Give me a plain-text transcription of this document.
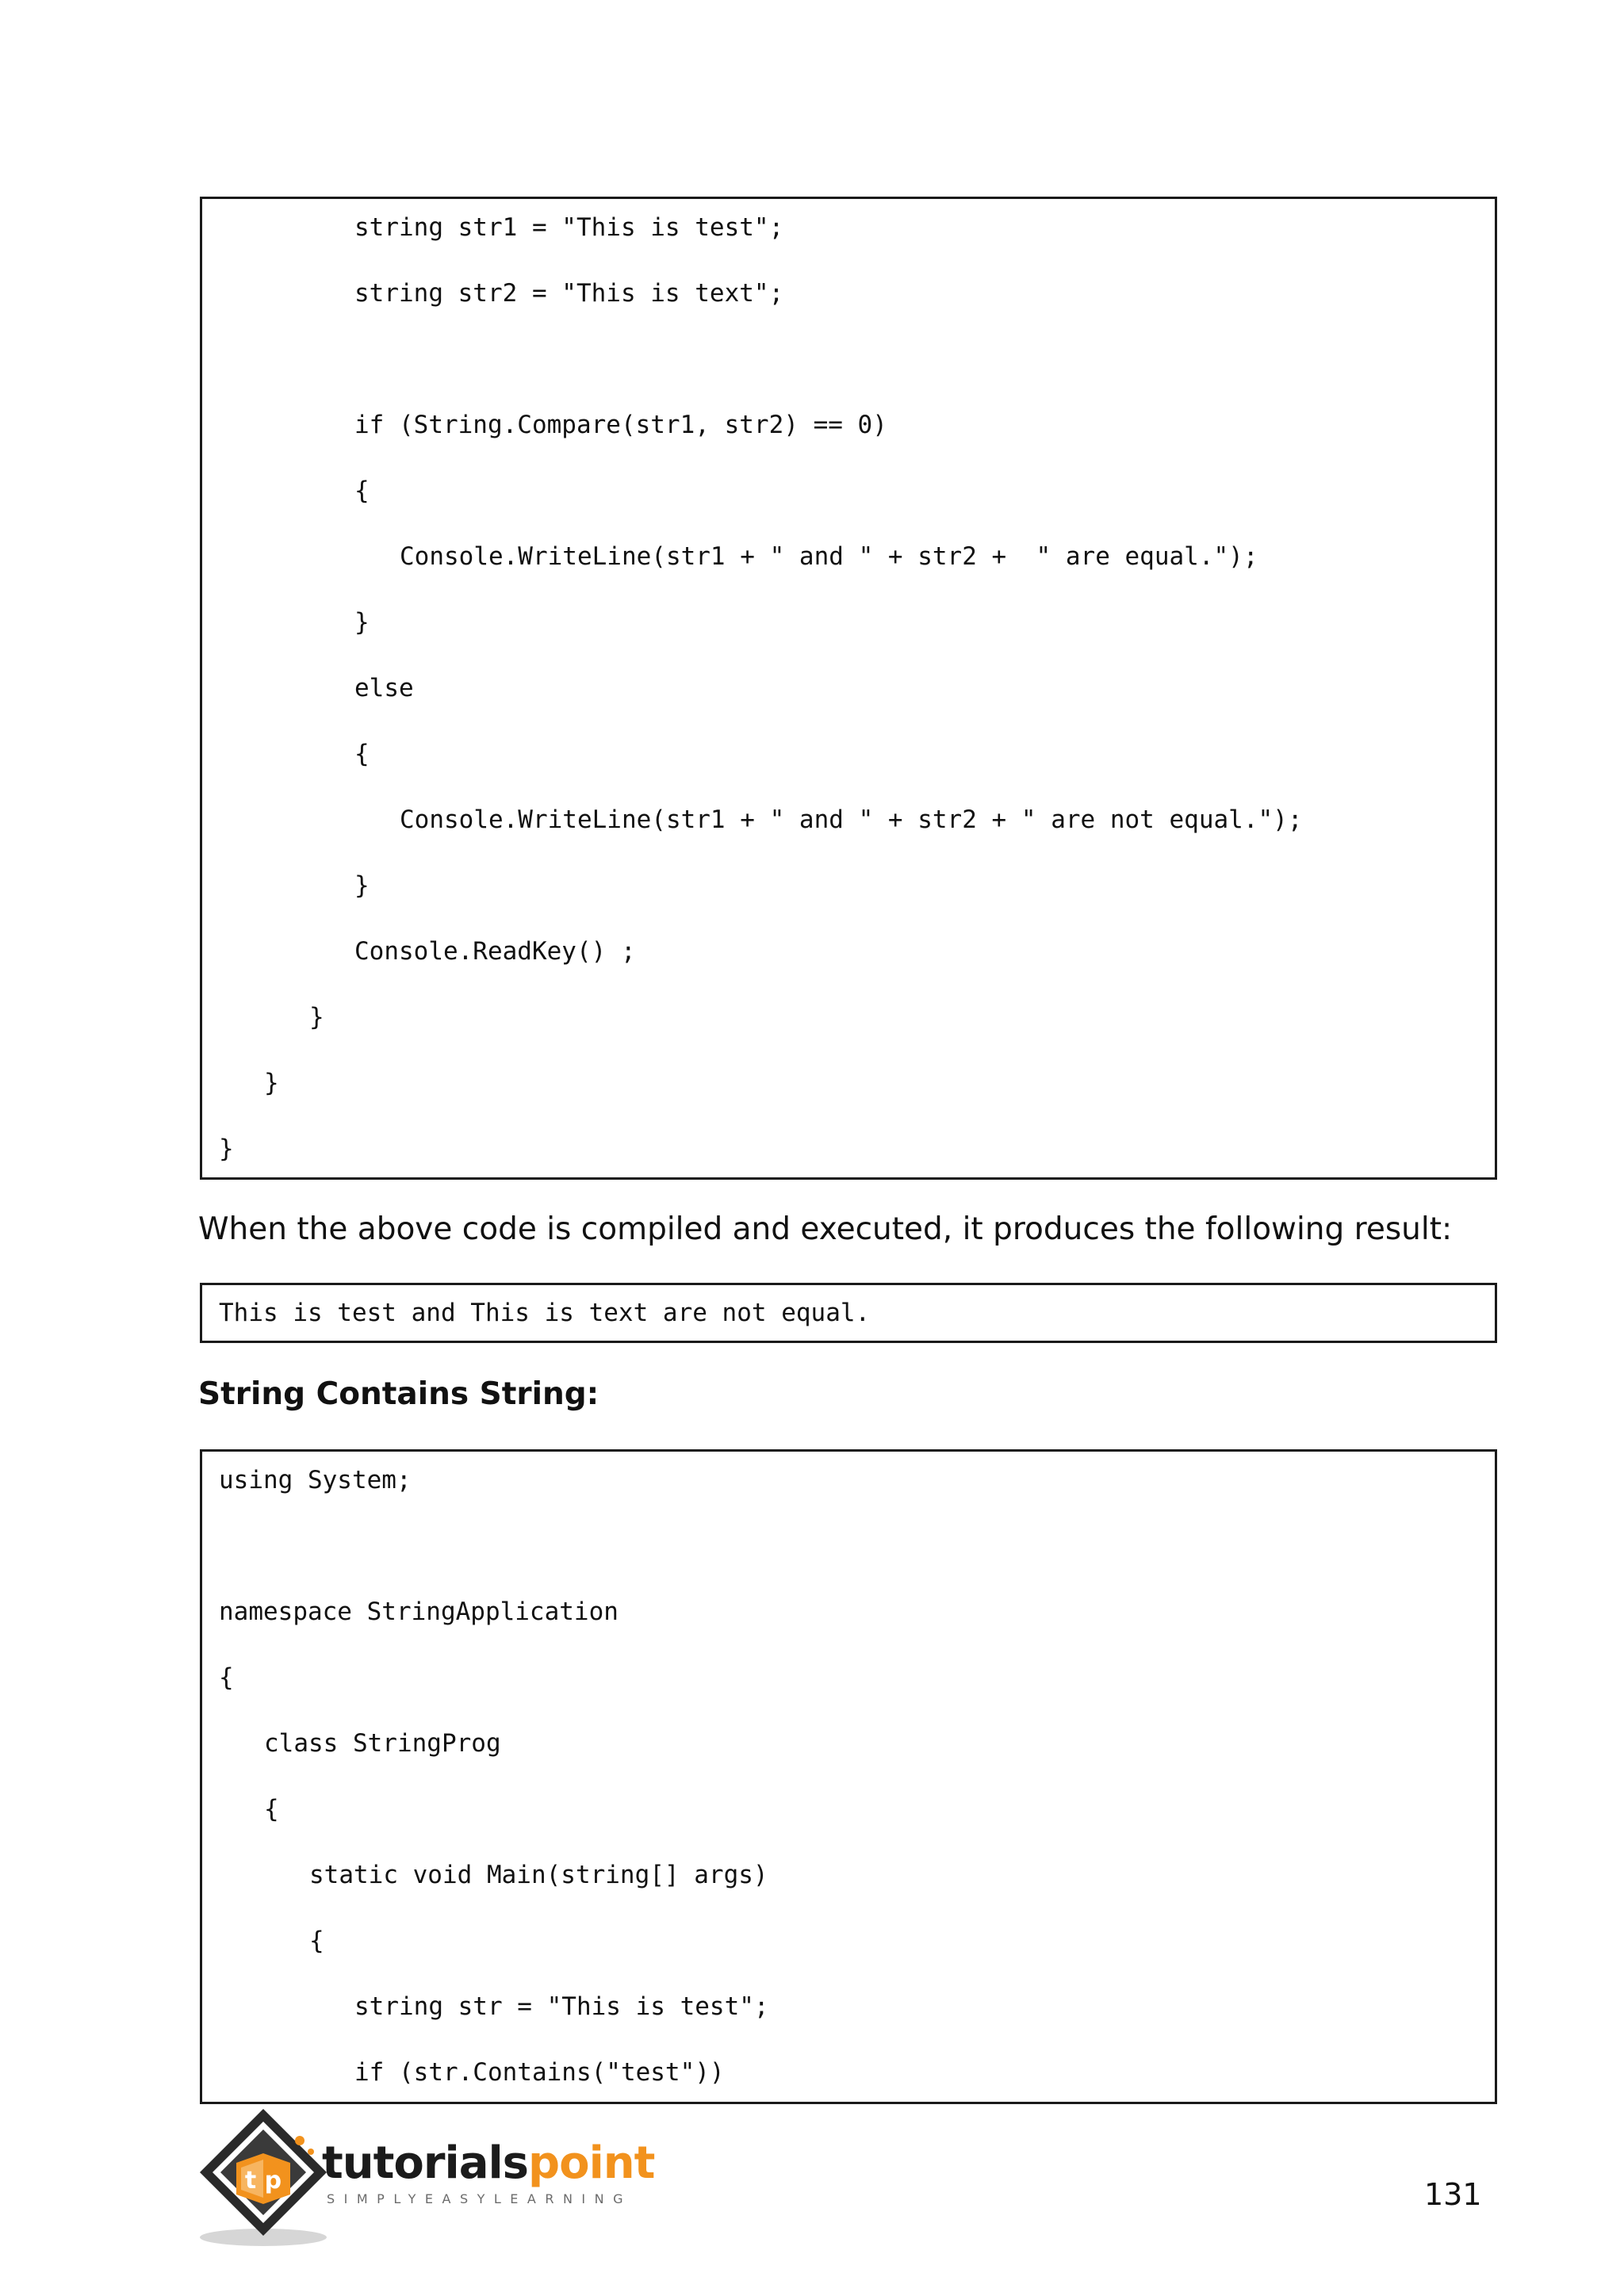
string str1 = "This is test";
string str2 = "This is text";
if (String.Compare(str1, str2) == 0)
{
Console.WriteLine(str1 + " and " + str2 +  " are equal.");
}
else
{
Console.WriteLine(str1 + " and " + str2 + " are not equal.");
}
Console.ReadKey() ;
}
}
}
When the above code is compiled and executed, it produces the following result:
This is test and This is text are not equal.
String Contains String:
using System;
namespace StringApplication
{
class StringProg
{
static void Main(string[] args)
{
string str = "This is test";
if (str.Contains("test"))
t p tutorialspoint
SIMPLYEASYLEARNING	131
